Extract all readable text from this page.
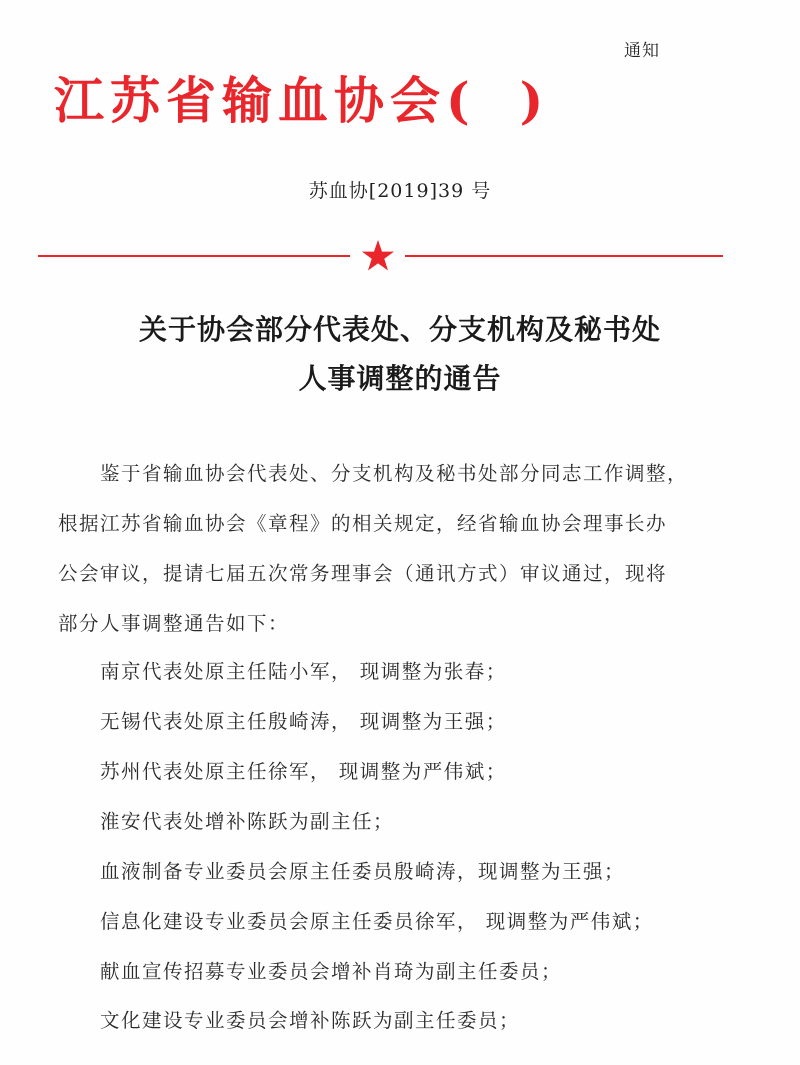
通知
江苏省输血协会( )
苏血协[2019]39 号
关于协会部分代表处、分支机构及秘书处
人事调整的通告
鉴于省输血协会代表处、分支机构及秘书处部分同志工作调整，
根据江苏省输血协会《章程》的相关规定，经省输血协会理事长办
公会审议，提请七届五次常务理事会（通讯方式）审议通过，现将
部分人事调整通告如下：
南京代表处原主任陆小军， 现调整为张春；
无锡代表处原主任殷崎涛， 现调整为王强；
苏州代表处原主任徐军， 现调整为严伟斌；
淮安代表处增补陈跃为副主任；
血液制备专业委员会原主任委员殷崎涛，现调整为王强；
信息化建设专业委员会原主任委员徐军， 现调整为严伟斌；
献血宣传招募专业委员会增补肖琦为副主任委员；
文化建设专业委员会增补陈跃为副主任委员；
